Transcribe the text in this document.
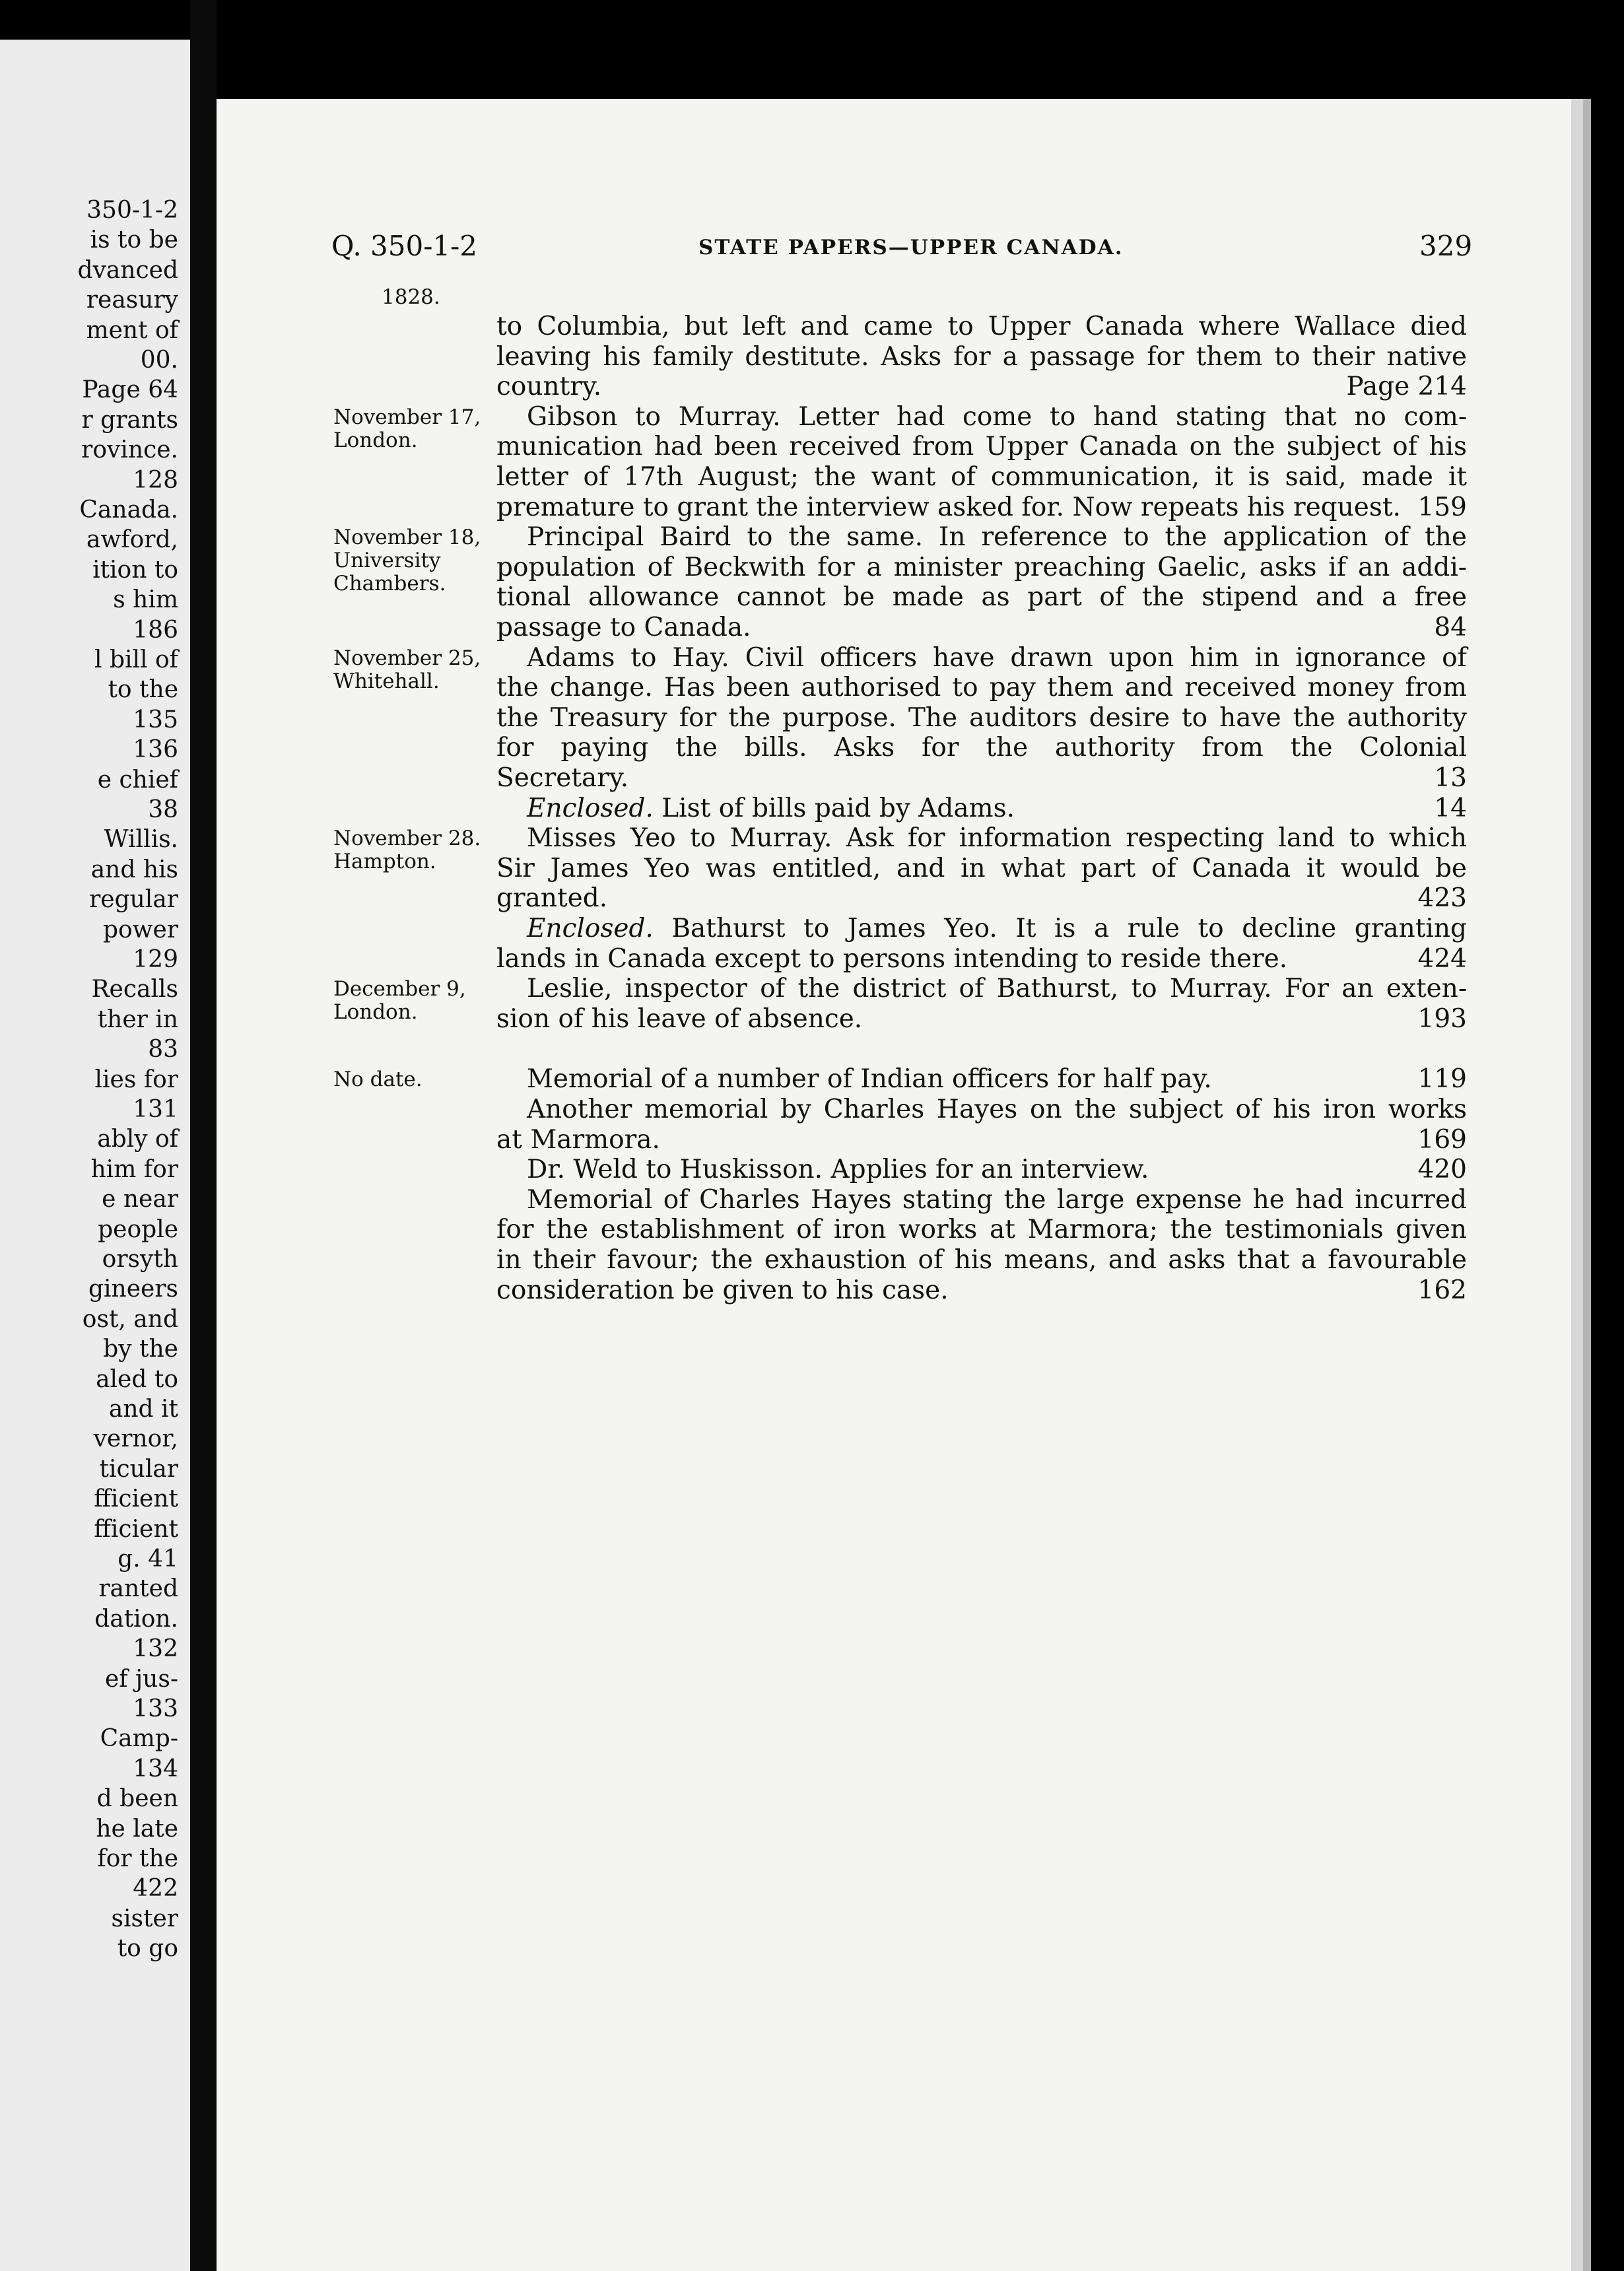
350-1-2
is to be
dvanced
reasury
ment of
00.
Page 64
r grants
rovince.
128
Canada.
awford,
ition to
s him
186
l bill of
to the
135
136
e chief
38
Willis.
and his
regular
power
129
Recalls
ther in
83
lies for
131
ably of
him for
e near
people
orsyth
gineers
ost, and
by the
aled to
and it
vernor,
ticular
fficient
fficient
g. 41
ranted
dation.
132
ef jus-
133
Camp-
134
d been
he late
for the
422
sister
to go
Q. 350-1-2	STATE PAPERS—UPPER CANADA.	329
1828.
to Columbia, but left and came to Upper Canada where Wallace died
leaving his family destitute. Asks for a passage for them to their native
country.	Page 214
November 17,
London.
Gibson to Murray. Letter had come to hand stating that no com-
munication had been received from Upper Canada on the subject of his
letter of 17th August; the want of communication, it is said, made it
premature to grant the interview asked for. Now repeats his request. 159
November 18,
University
Chambers.
Principal Baird to the same. In reference to the application of the
population of Beckwith for a minister preaching Gaelic, asks if an addi-
tional allowance cannot be made as part of the stipend and a free
passage to Canada.	84
November 25,
Whitehall.
Adams to Hay. Civil officers have drawn upon him in ignorance of
the change. Has been authorised to pay them and received money from
the Treasury for the purpose. The auditors desire to have the authority
for paying the bills. Asks for the authority from the Colonial
Secretary.	13
Enclosed. List of bills paid by Adams.	14
November 28.
Hampton.
Misses Yeo to Murray. Ask for information respecting land to which
Sir James Yeo was entitled, and in what part of Canada it would be
granted.	423
Enclosed. Bathurst to James Yeo. It is a rule to decline granting
lands in Canada except to persons intending to reside there.	424
December 9,
London.
Leslie, inspector of the district of Bathurst, to Murray. For an exten-
sion of his leave of absence.	193
No date.	Memorial of a number of Indian officers for half pay.	119
Another memorial by Charles Hayes on the subject of his iron works
at Marmora.	169
Dr. Weld to Huskisson. Applies for an interview.	420
Memorial of Charles Hayes stating the large expense he had incurred
for the establishment of iron works at Marmora; the testimonials given
in their favour; the exhaustion of his means, and asks that a favourable
consideration be given to his case.	162
